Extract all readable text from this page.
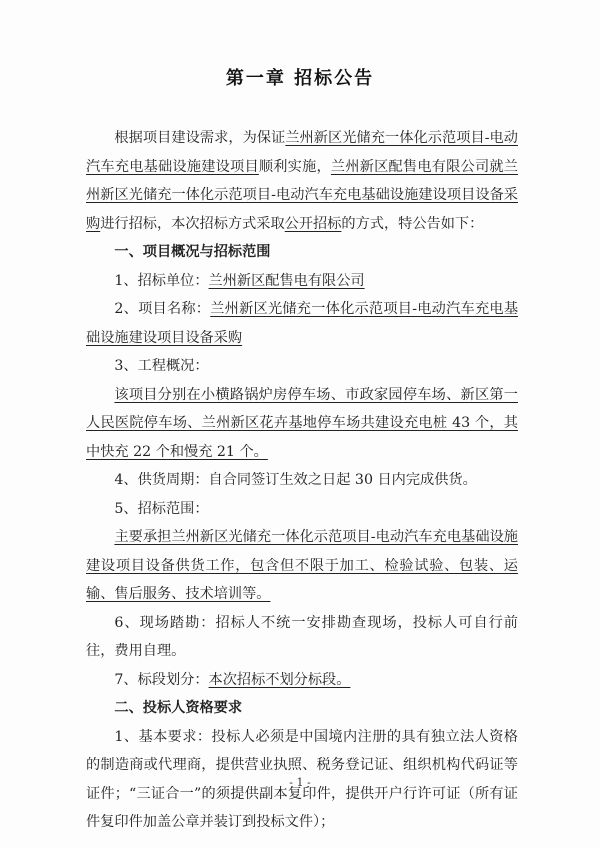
第一章 招标公告

根据项目建设需求，为保证兰州新区光储充一体化示范项目-电动汽车充电基础设施建设项目顺利实施，兰州新区配售电有限公司就兰州新区光储充一体化示范项目-电动汽车充电基础设施建设项目设备采购进行招标，本次招标方式采取公开招标的方式，特公告如下：

一、项目概况与招标范围

1、招标单位：兰州新区配售电有限公司

2、项目名称：兰州新区光储充一体化示范项目-电动汽车充电基础设施建设项目设备采购

3、工程概况：

该项目分别在小横路锅炉房停车场、市政家园停车场、新区第一人民医院停车场、兰州新区花卉基地停车场共建设充电桩 43 个，其中快充 22 个和慢充 21 个。

4、供货周期：自合同签订生效之日起 30 日内完成供货。

5、招标范围：

主要承担兰州新区光储充一体化示范项目-电动汽车充电基础设施建设项目设备供货工作，包含但不限于加工、检验试验、包装、运输、售后服务、技术培训等。

6、现场踏勘：招标人不统一安排勘查现场，投标人可自行前往，费用自理。

7、标段划分：本次招标不划分标段。

二、投标人资格要求

1、基本要求：投标人必须是中国境内注册的具有独立法人资格的制造商或代理商，提供营业执照、税务登记证、组织机构代码证等证件；“三证合一”的须提供副本复印件，提供开户行许可证（所有证件复印件加盖公章并装订到投标文件）；

- 1 -
